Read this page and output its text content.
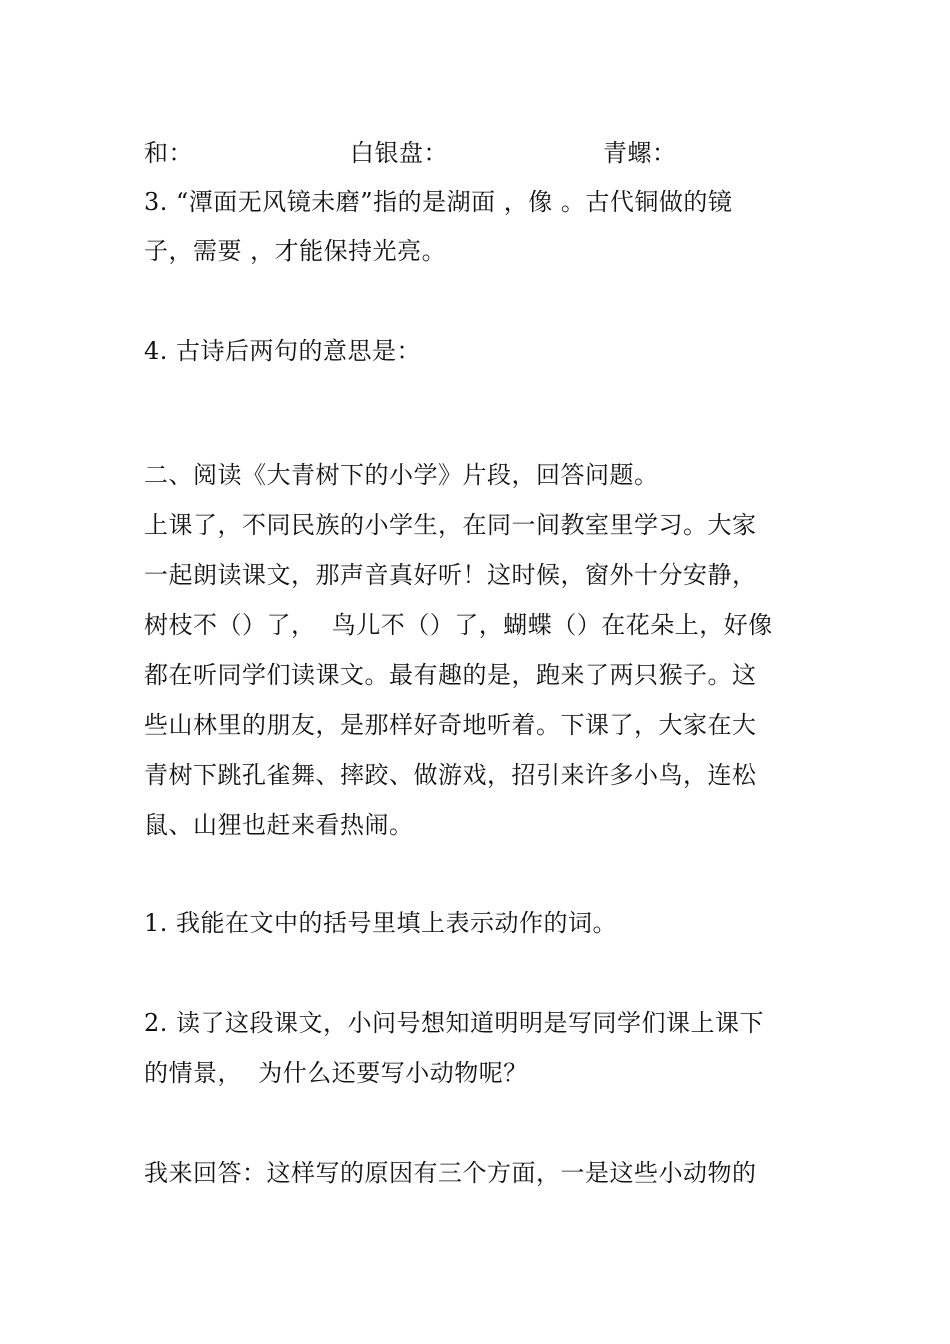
和：

	白银盘：

	青螺：

3. “潭面无风镜未磨”指的是湖面 ，像 。古代铜做的镜
子，需要 ，才能保持光亮。
4. 古诗后两句的意思是：
二、阅读《大青树下的小学》片段，回答问题。
上课了，不同民族的小学生，在同一间教室里学习。大家
一起朗读课文，那声音真好听！这时候，窗外十分安静，
树枝不（）了，  鸟儿不（）了，蝴蝶（）在花朵上，好像
都在听同学们读课文。最有趣的是，跑来了两只猴子。这
些山林里的朋友，是那样好奇地听着。下课了，大家在大
青树下跳孔雀舞、摔跤、做游戏，招引来许多小鸟，连松
鼠、山狸也赶来看热闹。
1. 我能在文中的括号里填上表示动作的词。
2. 读了这段课文，小问号想知道明明是写同学们课上课下
的情景，  为什么还要写小动物呢？
我来回答：这样写的原因有三个方面，一是这些小动物的
